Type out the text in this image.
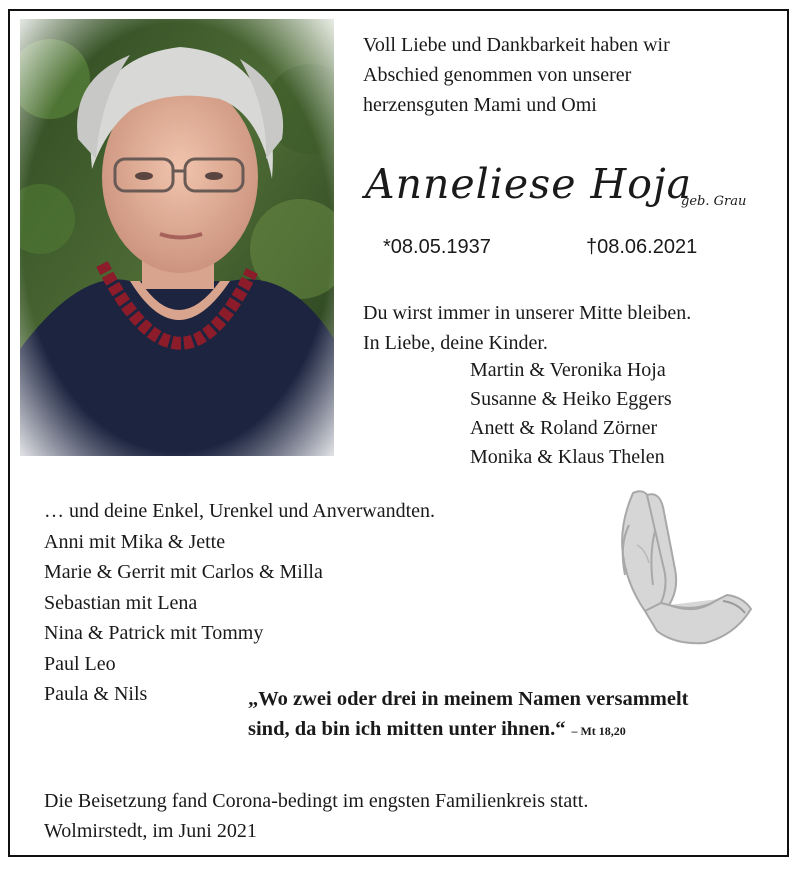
Voll Liebe und Dankbarkeit haben wir
Abschied genommen von unserer
herzensguten Mami und Omi
Anneliese Hoja
geb. Grau
*08.05.1937	†08.06.2021
Du wirst immer in unserer Mitte bleiben.
In Liebe, deine Kinder.
Martin & Veronika Hoja
Susanne & Heiko Eggers
Anett & Roland Zörner
Monika & Klaus Thelen
… und deine Enkel, Urenkel und Anverwandten.
Anni mit Mika & Jette
Marie & Gerrit mit Carlos & Milla
Sebastian mit Lena
Nina & Patrick mit Tommy
Paul Leo
Paula & Nils	„Wo zwei oder drei in meinem Namen versammelt
sind, da bin ich mitten unter ihnen.“ – Mt 18,20
Die Beisetzung fand Corona-bedingt im engsten Familienkreis statt.
Wolmirstedt, im Juni 2021
